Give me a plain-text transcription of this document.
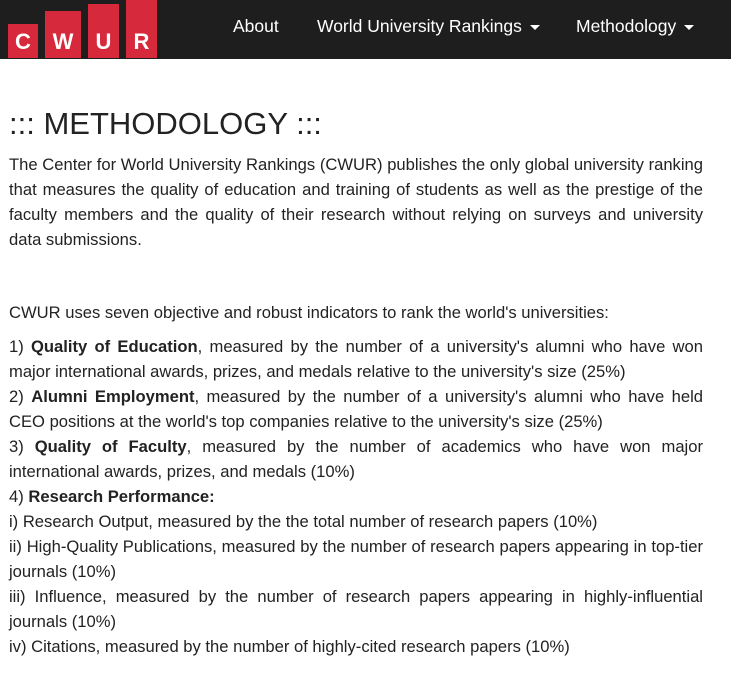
C W	U	R
About World University Rankings	Methodology
::: METHODOLOGY :::

The Center for World University Rankings (CWUR) publishes the only global university ranking that measures the quality of education and training of students as well as the prestige of the faculty members and the quality of their research without relying on surveys and university data submissions.

CWUR uses seven objective and robust indicators to rank the world's universities:

1) Quality of Education, measured by the number of a university's alumni who have won major international awards, prizes, and medals relative to the university's size (25%)
2) Alumni Employment, measured by the number of a university's alumni who have held CEO positions at the world's top companies relative to the university's size (25%)
3) Quality of Faculty, measured by the number of academics who have won major international awards, prizes, and medals (10%)
4) Research Performance:
i) Research Output, measured by the the total number of research papers (10%)
ii) High-Quality Publications, measured by the number of research papers appearing in top-tier journals (10%)
iii) Influence, measured by the number of research papers appearing in highly-influential journals (10%)
iv) Citations, measured by the number of highly-cited research papers (10%)
